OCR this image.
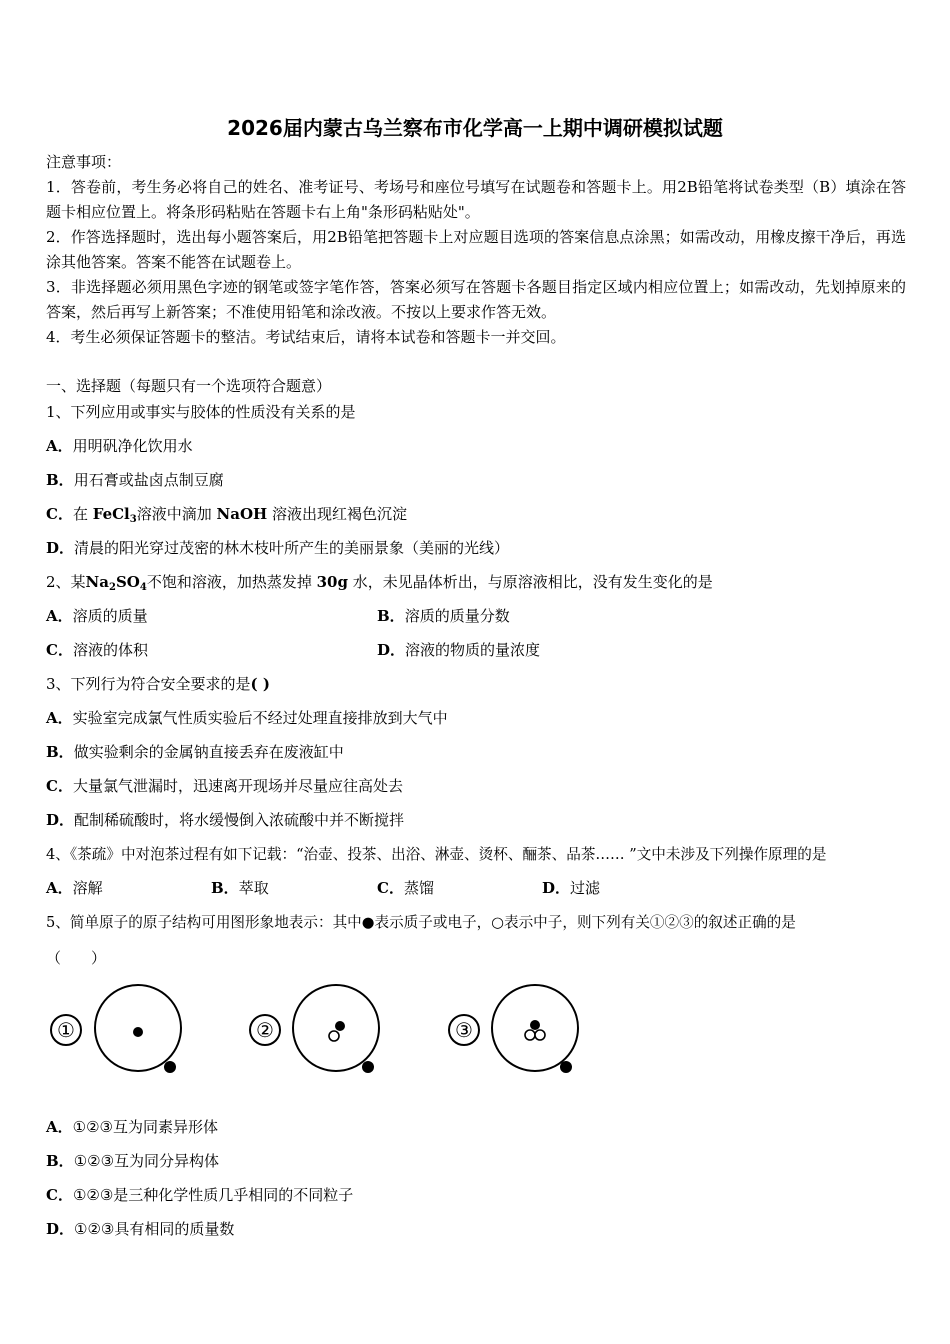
2026届内蒙古乌兰察布市化学高一上期中调研模拟试题

注意事项：

1．答卷前，考生务必将自己的姓名、准考证号、考场号和座位号填写在试题卷和答题卡上。用2B铅笔将试卷类型（B）填涂在答题卡相应位置上。将条形码粘贴在答题卡右上角"条形码粘贴处"。

2．作答选择题时，选出每小题答案后，用2B铅笔把答题卡上对应题目选项的答案信息点涂黑；如需改动，用橡皮擦干净后，再选涂其他答案。答案不能答在试题卷上。

3．非选择题必须用黑色字迹的钢笔或签字笔作答，答案必须写在答题卡各题目指定区域内相应位置上；如需改动，先划掉原来的答案，然后再写上新答案；不准使用铅笔和涂改液。不按以上要求作答无效。

4．考生必须保证答题卡的整洁。考试结束后，请将本试卷和答题卡一并交回。

一、选择题（每题只有一个选项符合题意）
1、下列应用或事实与胶体的性质没有关系的是
A．用明矾净化饮用水
B．用石膏或盐卤点制豆腐
C．在 FeCl$_3$溶液中滴加 NaOH 溶液出现红褐色沉淀
D．清晨的阳光穿过茂密的林木枝叶所产生的美丽景象（美丽的光线）
2、某$Na_2SO_4$不饱和溶液，加热蒸发掉 30g 水，未见晶体析出，与原溶液相比，没有发生变化的是
A．溶质的质量	B．溶质的质量分数
C．溶液的体积	D．溶液的物质的量浓度
3、下列行为符合安全要求的是( )
A．实验室完成氯气性质实验后不经过处理直接排放到大气中
B．做实验剩余的金属钠直接丢弃在废液缸中
C．大量氯气泄漏时，迅速离开现场并尽量应往高处去
D．配制稀硫酸时，将水缓慢倒入浓硫酸中并不断搅拌
4、《茶疏》中对泡茶过程有如下记载：“治壶、投茶、出浴、淋壶、烫杯、酾茶、品茶…… ”文中未涉及下列操作原理的是
A．溶解	B．萃取	C．蒸馏	D．过滤
5、简单原子的原子结构可用图形象地表示：其中●表示质子或电子，○表示中子，则下列有关①②③的叙述正确的是
（　　）
①	②	③
A．①②③互为同素异形体
B．①②③互为同分异构体
C．①②③是三种化学性质几乎相同的不同粒子
D．①②③具有相同的质量数
